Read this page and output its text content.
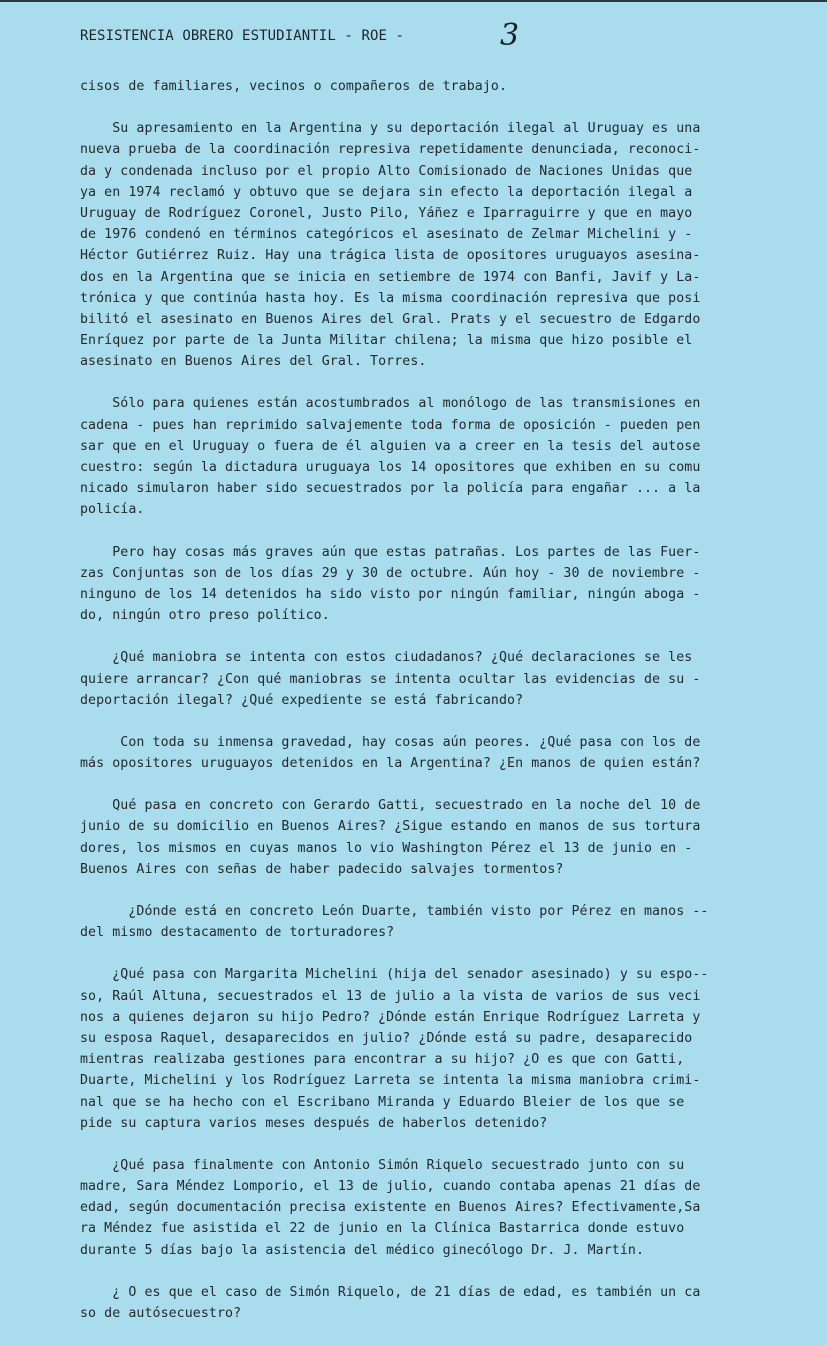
RESISTENCIA OBRERO ESTUDIANTIL - ROE -	3
cisos de familiares, vecinos o compañeros de trabajo.
Su apresamiento en la Argentina y su deportación ilegal al Uruguay es una
nueva prueba de la coordinación represiva repetidamente denunciada, reconoci-
da y condenada incluso por el propio Alto Comisionado de Naciones Unidas que
ya en 1974 reclamó y obtuvo que se dejara sin efecto la deportación ilegal a
Uruguay de Rodríguez Coronel, Justo Pilo, Yáñez e Iparraguirre y que en mayo
de 1976 condenó en términos categóricos el asesinato de Zelmar Michelini y -
Héctor Gutiérrez Ruiz. Hay una trágica lista de opositores uruguayos asesina-
dos en la Argentina que se inicia en setiembre de 1974 con Banfi, Javif y La-
trónica y que continúa hasta hoy. Es la misma coordinación represiva que posi
bilitó el asesinato en Buenos Aires del Gral. Prats y el secuestro de Edgardo
Enríquez por parte de la Junta Militar chilena; la misma que hizo posible el
asesinato en Buenos Aires del Gral. Torres.
Sólo para quienes están acostumbrados al monólogo de las transmisiones en
cadena - pues han reprimido salvajemente toda forma de oposición - pueden pen
sar que en el Uruguay o fuera de él alguien va a creer en la tesis del autose
cuestro: según la dictadura uruguaya los 14 opositores que exhiben en su comu
nicado simularon haber sido secuestrados por la policía para engañar ... a la
policía.
Pero hay cosas más graves aún que estas patrañas. Los partes de las Fuer-
zas Conjuntas son de los días 29 y 30 de octubre. Aún hoy - 30 de noviembre -
ninguno de los 14 detenidos ha sido visto por ningún familiar, ningún aboga -
do, ningún otro preso político.
¿Qué maniobra se intenta con estos ciudadanos? ¿Qué declaraciones se les
quiere arrancar? ¿Con qué maniobras se intenta ocultar las evidencias de su -
deportación ilegal? ¿Qué expediente se está fabricando?
Con toda su inmensa gravedad, hay cosas aún peores. ¿Qué pasa con los de
más opositores uruguayos detenidos en la Argentina? ¿En manos de quien están?
Qué pasa en concreto con Gerardo Gatti, secuestrado en la noche del 10 de
junio de su domicilio en Buenos Aires? ¿Sigue estando en manos de sus tortura
dores, los mismos en cuyas manos lo vio Washington Pérez el 13 de junio en -
Buenos Aires con señas de haber padecido salvajes tormentos?
¿Dónde está en concreto León Duarte, también visto por Pérez en manos --
del mismo destacamento de torturadores?
¿Qué pasa con Margarita Michelini (hija del senador asesinado) y su espo--
so, Raúl Altuna, secuestrados el 13 de julio a la vista de varios de sus veci
nos a quienes dejaron su hijo Pedro? ¿Dónde están Enrique Rodríguez Larreta y
su esposa Raquel, desaparecidos en julio? ¿Dónde está su padre, desaparecido
mientras realizaba gestiones para encontrar a su hijo? ¿O es que con Gatti,
Duarte, Michelini y los Rodríguez Larreta se intenta la misma maniobra crimi-
nal que se ha hecho con el Escribano Miranda y Eduardo Bleier de los que se
pide su captura varios meses después de haberlos detenido?
¿Qué pasa finalmente con Antonio Simón Riquelo secuestrado junto con su
madre, Sara Méndez Lomporio, el 13 de julio, cuando contaba apenas 21 días de
edad, según documentación precisa existente en Buenos Aires? Efectivamente,Sa
ra Méndez fue asistida el 22 de junio en la Clínica Bastarrica donde estuvo
durante 5 días bajo la asistencia del médico ginecólogo Dr. J. Martín.
¿ O es que el caso de Simón Riquelo, de 21 días de edad, es también un ca
so de autósecuestro?
